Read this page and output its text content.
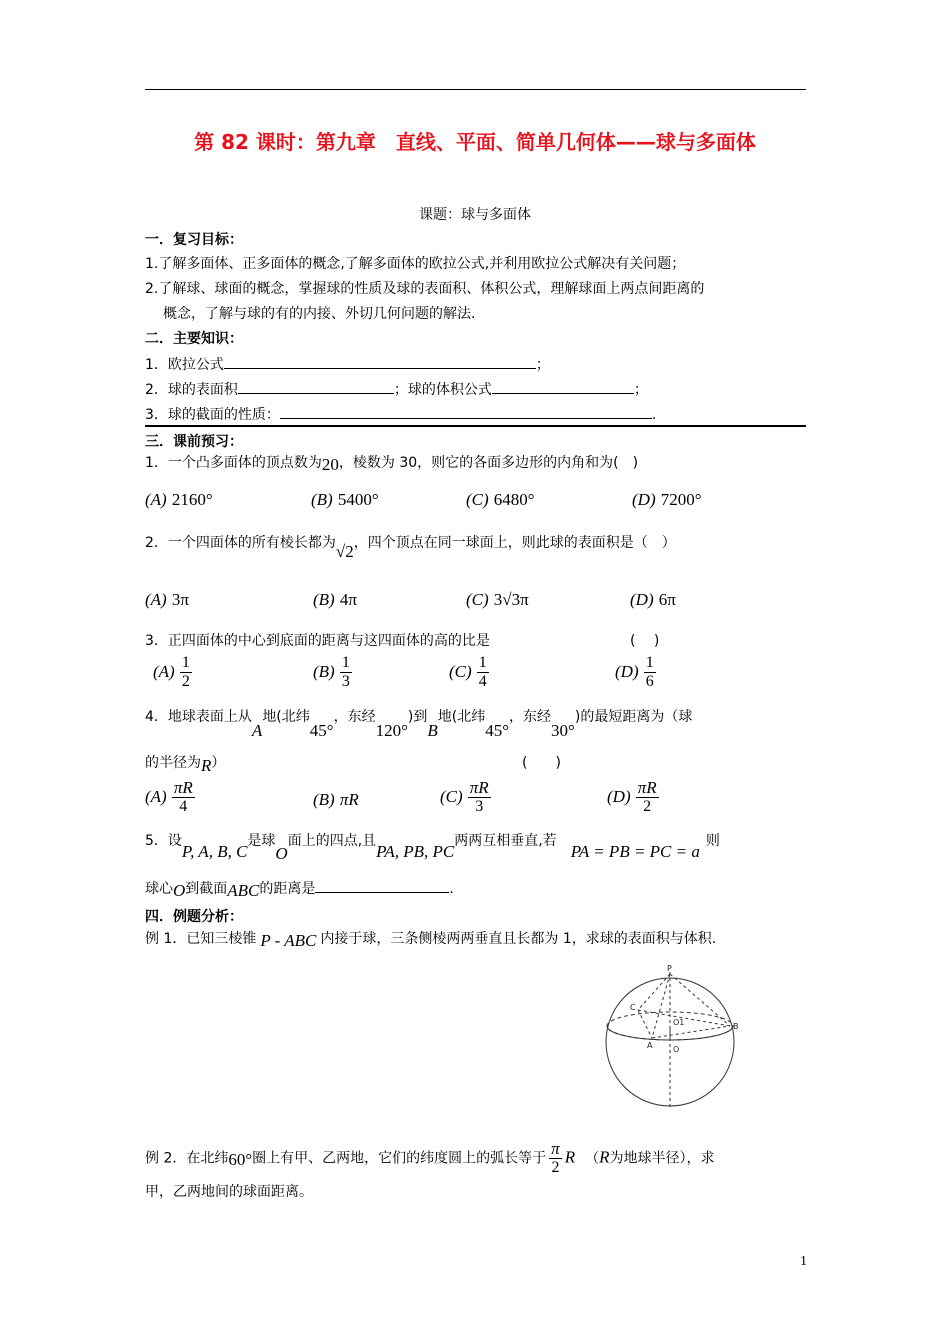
第 82 课时：第九章　直线、平面、简单几何体——球与多面体
课题：球与多面体
一．复习目标：
1.了解多面体、正多面体的概念,了解多面体的欧拉公式,并利用欧拉公式解决有关问题；
2.了解球、球面的概念，掌握球的性质及球的表面积、体积公式，理解球面上两点间距离的
概念，了解与球的有的内接、外切几何问题的解法.
二．主要知识：
1．欧拉公式	；
2．球的表面积	；球的体积公式	；
3．球的截面的性质：	.
三．课前预习：
1．一个凸多面体的顶点数为20，棱数为 30，则它的各面多边形的内角和为(　)
(A) 2160°	(B) 5400°	(C) 6480°	(D) 7200°
2．一个四面体的所有棱长都为√2，四个顶点在同一球面上，则此球的表面积是（　）
(A) 3π	(B) 4π	(C) 3√3π	(D) 6π
3．正四面体的中心到底面的距离与这四面体的高的比是	(　 )
$(A) \frac{1}{2}$	$(B) \frac{1}{3}$	$(C) \frac{1}{4}$	$(D) \frac{1}{6}$
4．地球表面上从A地(北纬45°，东经120°)到B地(北纬45°，东经30°)的最短距离为（球
的半径为R）	(　　)
$(A) \frac{\pi R}{4}$	(B) πR	$(C) \frac{\pi R}{3}$	$(D) \frac{\pi R}{2}$
5．设P, A, B, C是球O面上的四点,且PA, PB, PC两两互相垂直,若PA = PB = PC = a则
球心O到截面ABC的距离是	.
四．例题分析：
例 1．已知三棱锥 P - ABC 内接于球，三条侧棱两两垂直且长都为 1，求球的表面积与体积.
P
C
O1	B
A	O
例 2．在北纬60°圈上有甲、乙两地，它们的纬度圆上的弧长等于 $\frac{\pi}{2}$ R （R为地球半径），求
甲，乙两地间的球面距离。
1
